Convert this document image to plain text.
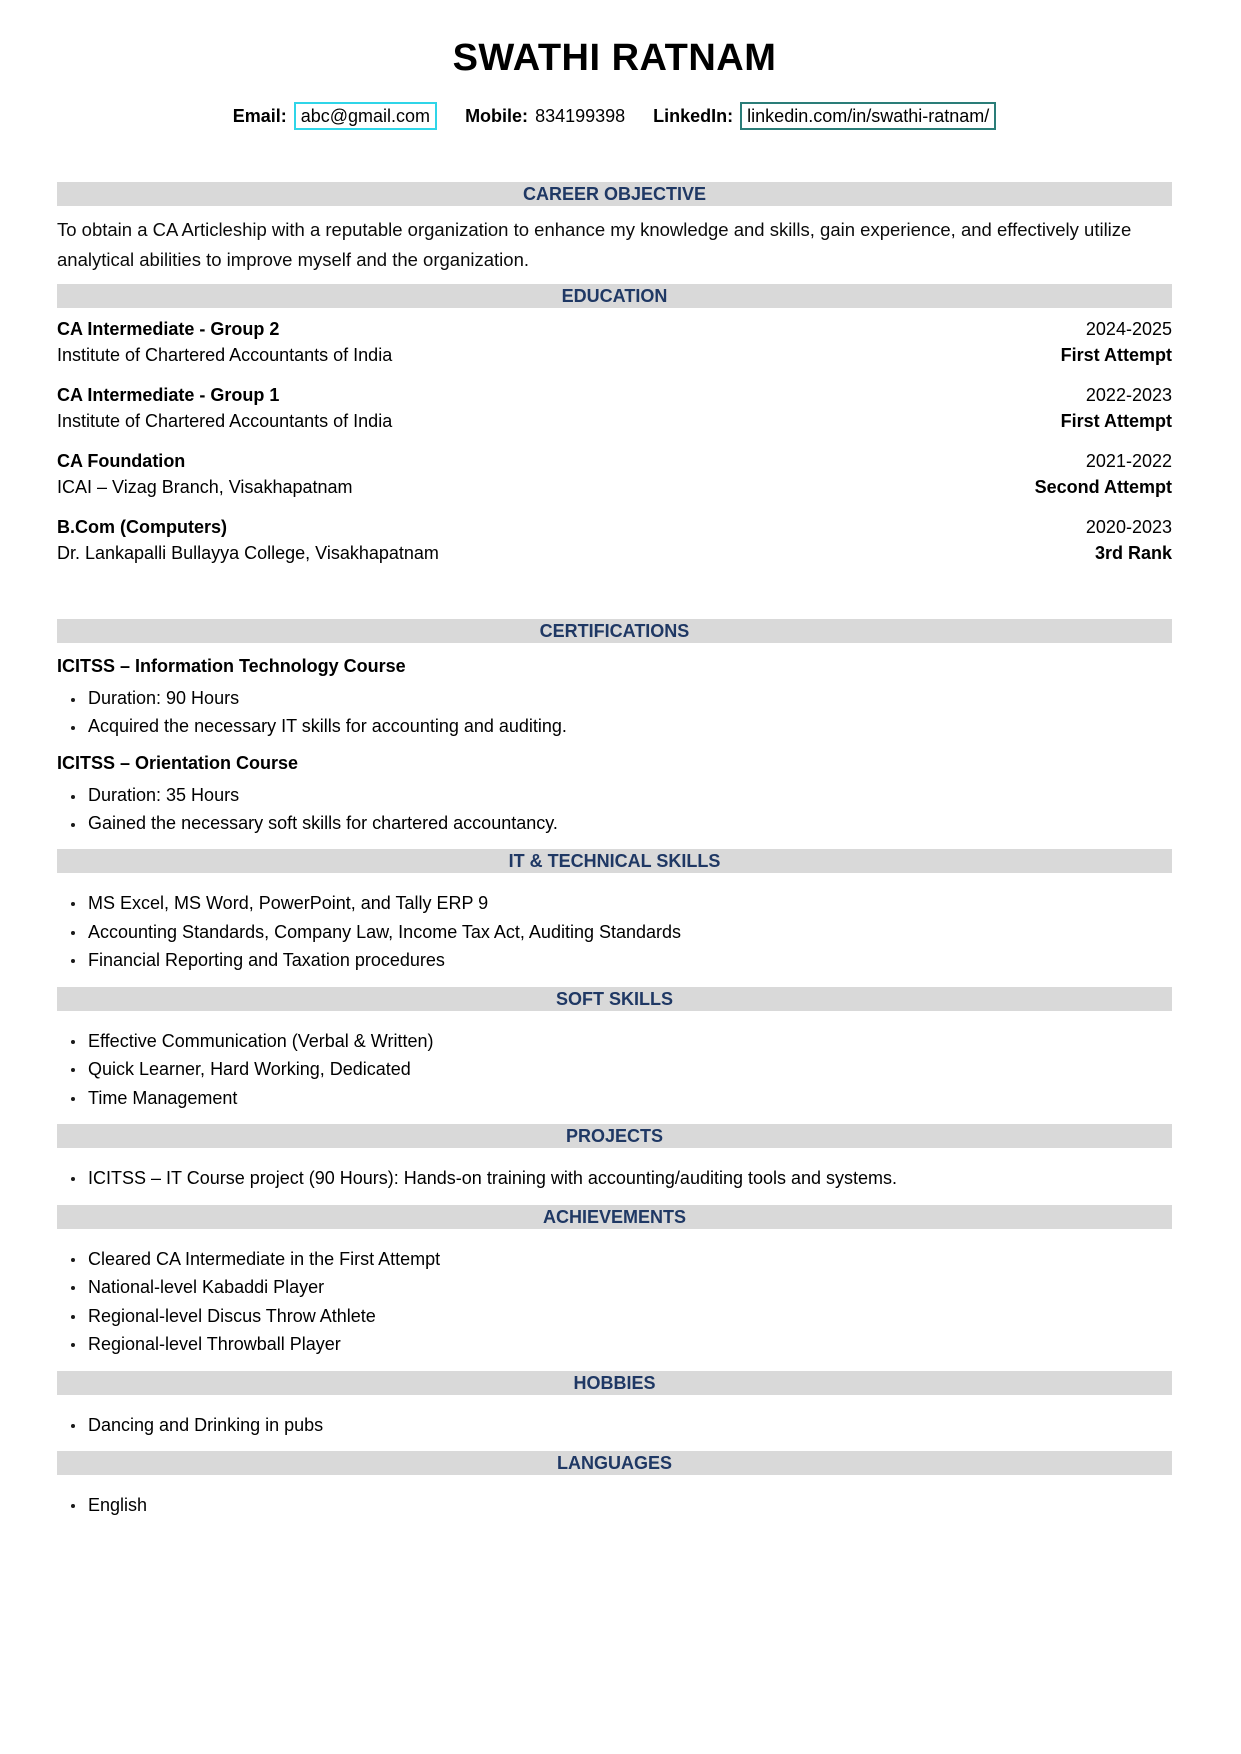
SWATHI RATNAM
Email: abc@gmail.com	Mobile: 834199398 LinkedIn: linkedin.com/in/swathi-ratnam/
CAREER OBJECTIVE

To obtain a CA Articleship with a reputable organization to enhance my knowledge and skills, gain experience, and effectively utilize analytical abilities to improve myself and the organization.

EDUCATION
CA Intermediate - Group 2	2024-2025
Institute of Chartered Accountants of India	First Attempt
CA Intermediate - Group 1	2022-2023
Institute of Chartered Accountants of India	First Attempt
CA Foundation	2021-2022
ICAI – Vizag Branch, Visakhapatnam	Second Attempt
B.Com (Computers)	2020-2023
Dr. Lankapalli Bullayya College, Visakhapatnam	3rd Rank
CERTIFICATIONS
ICITSS – Information Technology Course
Duration: 90 Hours
Acquired the necessary IT skills for accounting and auditing.
ICITSS – Orientation Course
Duration: 35 Hours
Gained the necessary soft skills for chartered accountancy.
IT & TECHNICAL SKILLS
MS Excel, MS Word, PowerPoint, and Tally ERP 9
Accounting Standards, Company Law, Income Tax Act, Auditing Standards
Financial Reporting and Taxation procedures
SOFT SKILLS
Effective Communication (Verbal & Written)
Quick Learner, Hard Working, Dedicated
Time Management
PROJECTS
ICITSS – IT Course project (90 Hours): Hands-on training with accounting/auditing tools and systems.
ACHIEVEMENTS
Cleared CA Intermediate in the First Attempt
National-level Kabaddi Player
Regional-level Discus Throw Athlete
Regional-level Throwball Player
HOBBIES
Dancing and Drinking in pubs
LANGUAGES
English
